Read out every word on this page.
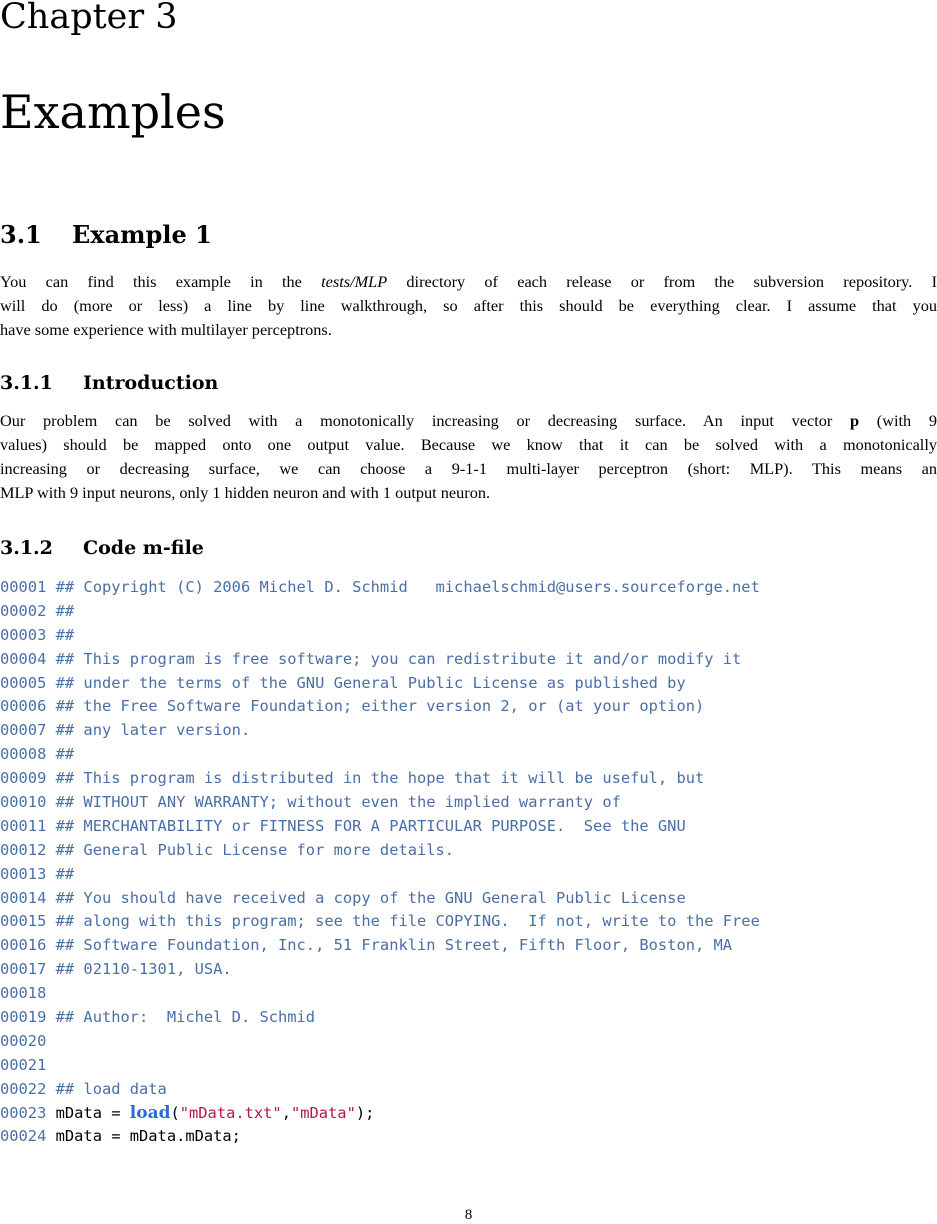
Chapter 3
Examples
3.1 Example 1
You can find this example in the tests/MLP directory of each release or from the subversion repository. I
will do (more or less) a line by line walkthrough, so after this should be everything clear. I assume that you
have some experience with multilayer perceptrons.
3.1.1 Introduction
Our problem can be solved with a monotonically increasing or decreasing surface. An input vector p (with 9
values) should be mapped onto one output value. Because we know that it can be solved with a monotonically
increasing or decreasing surface, we can choose a 9-1-1 multi-layer perceptron (short: MLP). This means an
MLP with 9 input neurons, only 1 hidden neuron and with 1 output neuron.
3.1.2 Code m-file
00001 ## Copyright (C) 2006 Michel D. Schmid   michaelschmid@users.sourceforge.net
00002 ##
00003 ##
00004 ## This program is free software; you can redistribute it and/or modify it
00005 ## under the terms of the GNU General Public License as published by
00006 ## the Free Software Foundation; either version 2, or (at your option)
00007 ## any later version.
00008 ##
00009 ## This program is distributed in the hope that it will be useful, but
00010 ## WITHOUT ANY WARRANTY; without even the implied warranty of
00011 ## MERCHANTABILITY or FITNESS FOR A PARTICULAR PURPOSE.  See the GNU
00012 ## General Public License for more details.
00013 ##
00014 ## You should have received a copy of the GNU General Public License
00015 ## along with this program; see the file COPYING.  If not, write to the Free
00016 ## Software Foundation, Inc., 51 Franklin Street, Fifth Floor, Boston, MA
00017 ## 02110-1301, USA.
00018
00019 ## Author:  Michel D. Schmid
00020
00021
00022 ## load data
00023 mData = load("mData.txt","mData");
00024 mData = mData.mData;
8
